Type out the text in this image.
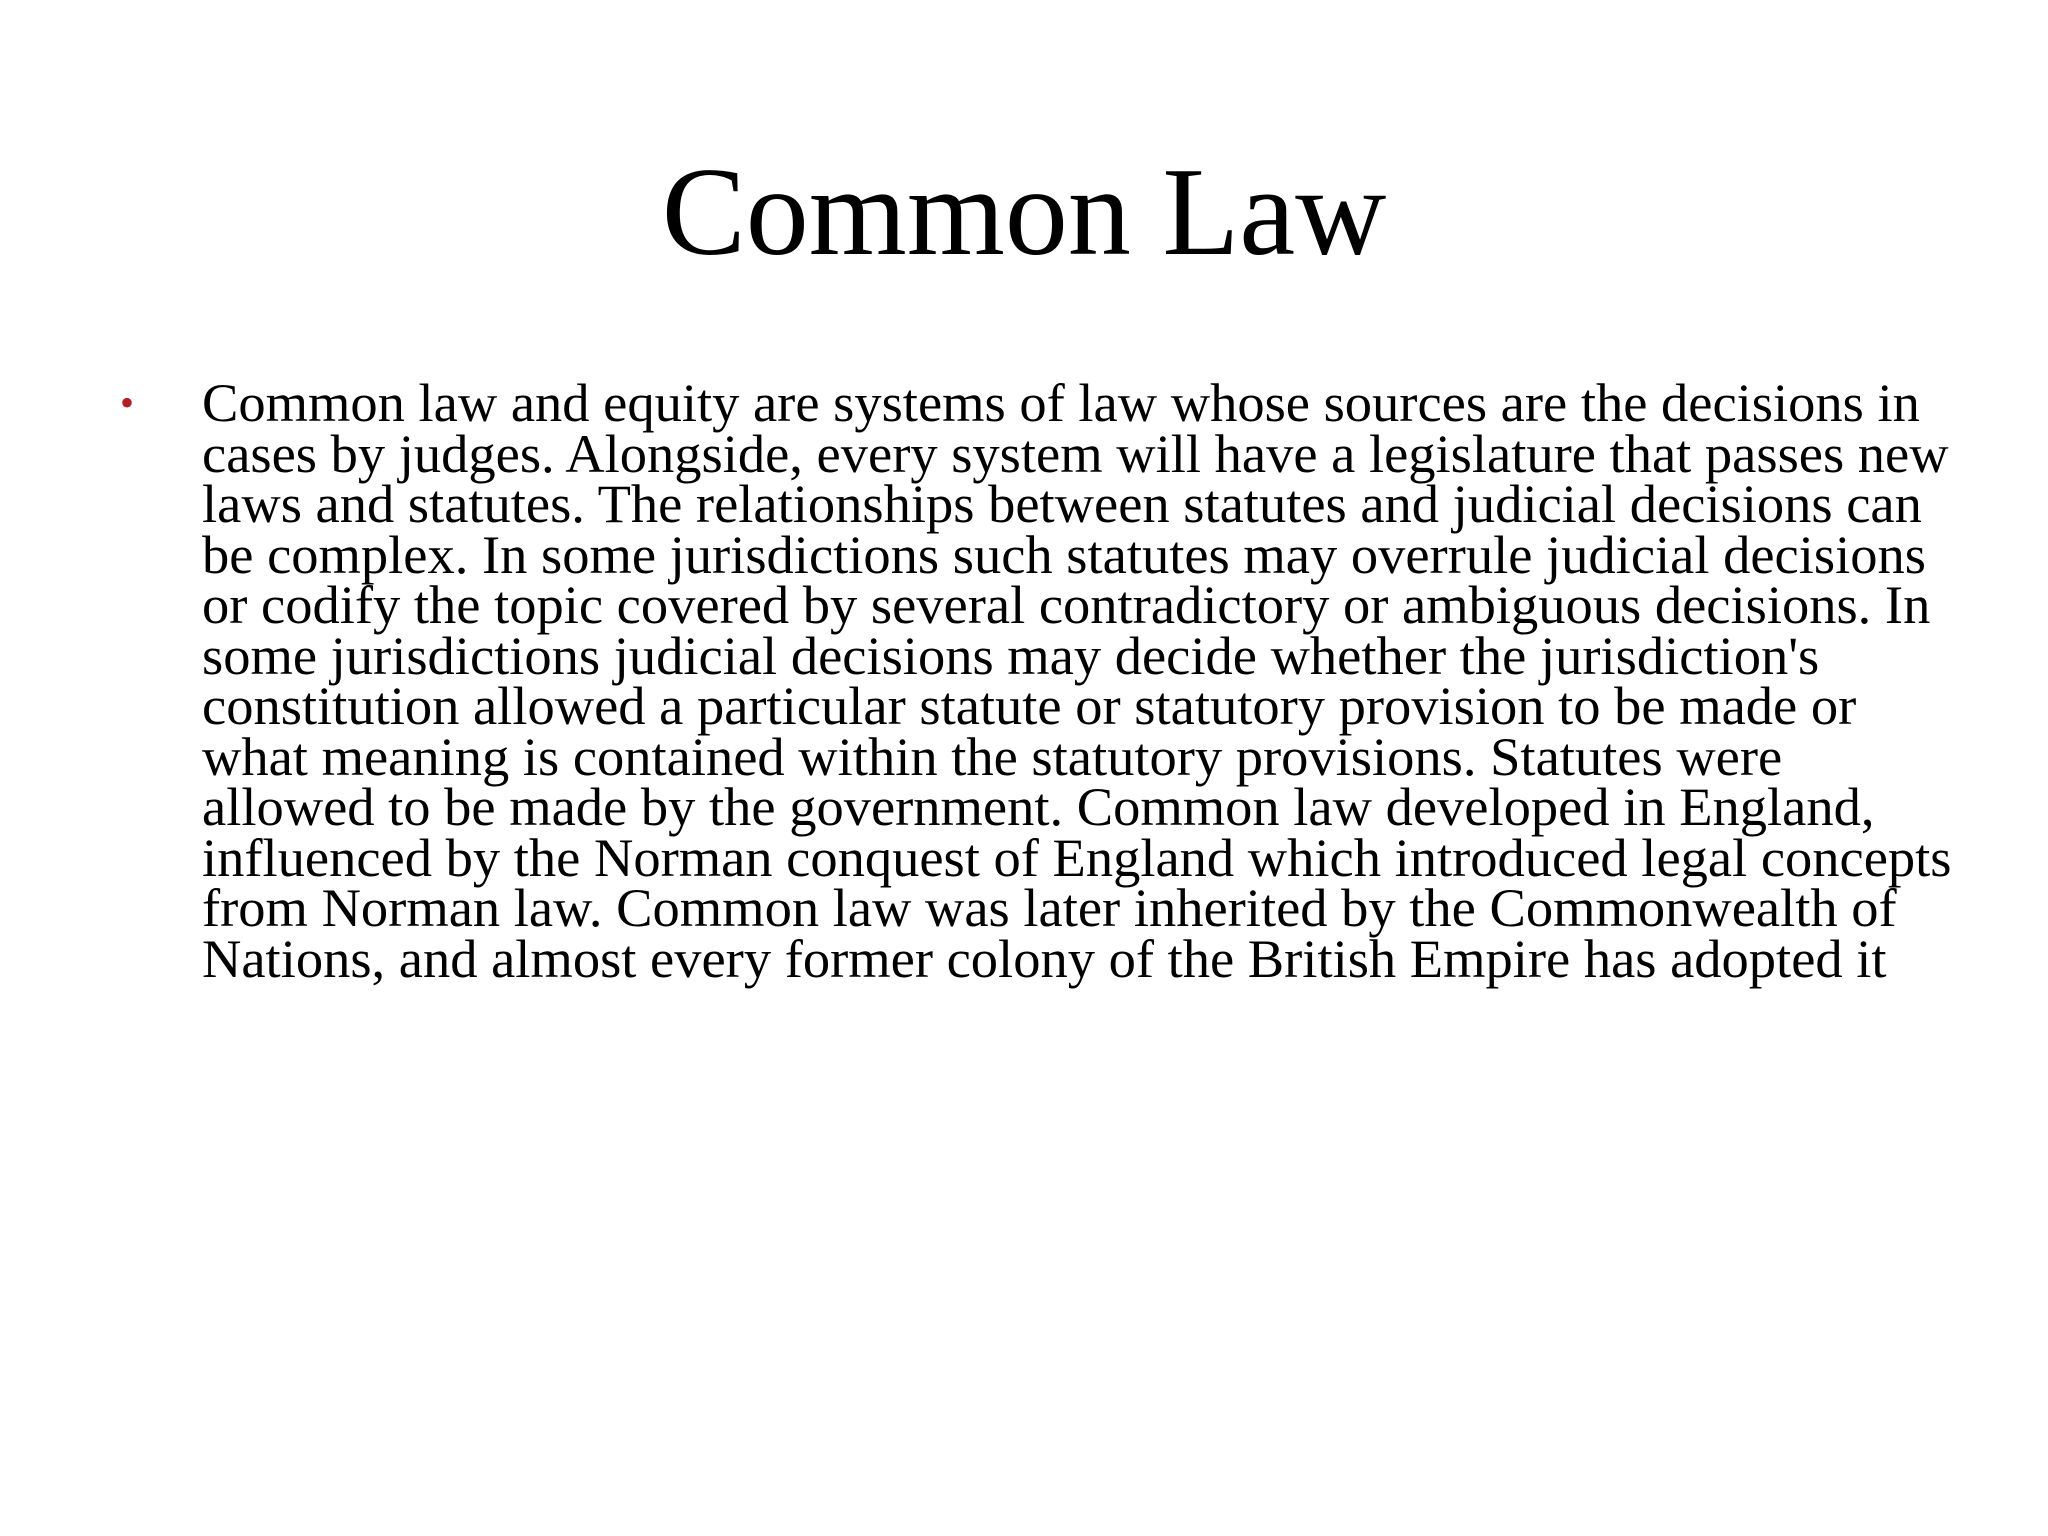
Common Law
• Common law and equity are systems of law whose sources are the decisions in cases by judges. Alongside, every system will have a legislature that passes new laws and statutes. The relationships between statutes and judicial decisions can be complex. In some jurisdictions such statutes may overrule judicial decisions or codify the topic covered by several contradictory or ambiguous decisions. In some jurisdictions judicial decisions may decide whether the jurisdiction's constitution allowed a particular statute or statutory provision to be made or what meaning is contained within the statutory provisions. Statutes were allowed to be made by the government. Common law developed in England, influenced by the Norman conquest of England which introduced legal concepts from Norman law. Common law was later inherited by the Commonwealth of Nations, and almost every former colony of the British Empire has adopted it
